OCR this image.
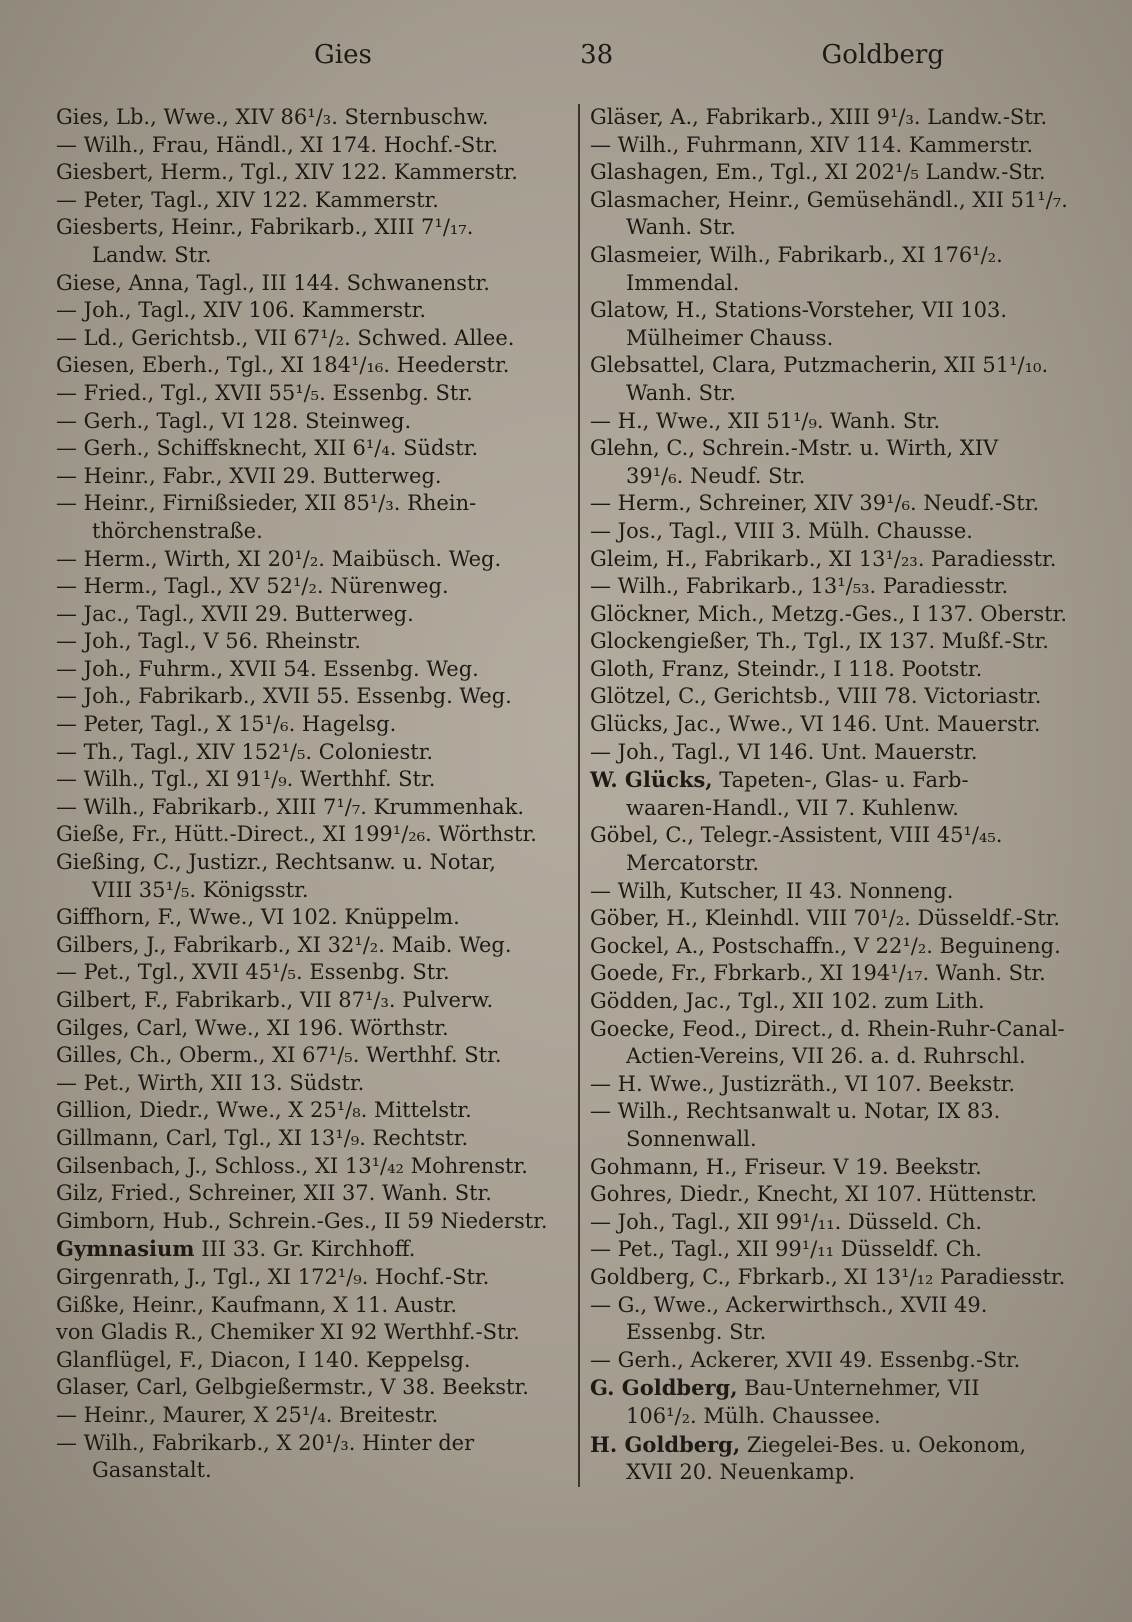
Gies	38	Goldberg
Gies, Lb., Wwe., XIV 86¹/₃. Sternbuschw.
— Wilh., Frau, Händl., XI 174. Hochf.-Str.
Giesbert, Herm., Tgl., XIV 122. Kammerstr.
— Peter, Tagl., XIV 122. Kammerstr.
Giesberts, Heinr., Fabrikarb., XIII 7¹/₁₇.
Landw. Str.
Giese, Anna, Tagl., III 144. Schwanenstr.
— Joh., Tagl., XIV 106. Kammerstr.
— Ld., Gerichtsb., VII 67¹/₂. Schwed. Allee.
Giesen, Eberh., Tgl., XI 184¹/₁₆. Heederstr.
— Fried., Tgl., XVII 55¹/₅. Essenbg. Str.
— Gerh., Tagl., VI 128. Steinweg.
— Gerh., Schiffsknecht, XII 6¹/₄. Südstr.
— Heinr., Fabr., XVII 29. Butterweg.
— Heinr., Firnißsieder, XII 85¹/₃. Rhein-
thörchenstraße.
— Herm., Wirth, XI 20¹/₂. Maibüsch. Weg.
— Herm., Tagl., XV 52¹/₂. Nürenweg.
— Jac., Tagl., XVII 29. Butterweg.
— Joh., Tagl., V 56. Rheinstr.
— Joh., Fuhrm., XVII 54. Essenbg. Weg.
— Joh., Fabrikarb., XVII 55. Essenbg. Weg.
— Peter, Tagl., X 15¹/₆. Hagelsg.
— Th., Tagl., XIV 152¹/₅. Coloniestr.
— Wilh., Tgl., XI 91¹/₉. Werthhf. Str.
— Wilh., Fabrikarb., XIII 7¹/₇. Krummenhak.
Gieße, Fr., Hütt.-Direct., XI 199¹/₂₆. Wörthstr.
Gießing, C., Justizr., Rechtsanw. u. Notar,
VIII 35¹/₅. Königsstr.
Giffhorn, F., Wwe., VI 102. Knüppelm.
Gilbers, J., Fabrikarb., XI 32¹/₂. Maib. Weg.
— Pet., Tgl., XVII 45¹/₅. Essenbg. Str.
Gilbert, F., Fabrikarb., VII 87¹/₃. Pulverw.
Gilges, Carl, Wwe., XI 196. Wörthstr.
Gilles, Ch., Oberm., XI 67¹/₅. Werthhf. Str.
— Pet., Wirth, XII 13. Südstr.
Gillion, Diedr., Wwe., X 25¹/₈. Mittelstr.
Gillmann, Carl, Tgl., XI 13¹/₉. Rechtstr.
Gilsenbach, J., Schloss., XI 13¹/₄₂ Mohrenstr.
Gilz, Fried., Schreiner, XII 37. Wanh. Str.
Gimborn, Hub., Schrein.-Ges., II 59 Niederstr.
Gymnasium III 33. Gr. Kirchhoff.
Girgenrath, J., Tgl., XI 172¹/₉. Hochf.-Str.
Gißke, Heinr., Kaufmann, X 11. Austr.
von Gladis R., Chemiker XI 92 Werthhf.-Str.
Glanflügel, F., Diacon, I 140. Keppelsg.
Glaser, Carl, Gelbgießermstr., V 38. Beekstr.
— Heinr., Maurer, X 25¹/₄. Breitestr.
— Wilh., Fabrikarb., X 20¹/₃. Hinter der
Gasanstalt.
Gläser, A., Fabrikarb., XIII 9¹/₃. Landw.-Str.
— Wilh., Fuhrmann, XIV 114. Kammerstr.
Glashagen, Em., Tgl., XI 202¹/₅ Landw.-Str.
Glasmacher, Heinr., Gemüsehändl., XII 51¹/₇.
Wanh. Str.
Glasmeier, Wilh., Fabrikarb., XI 176¹/₂.
Immendal.
Glatow, H., Stations-Vorsteher, VII 103.
Mülheimer Chauss.
Glebsattel, Clara, Putzmacherin, XII 51¹/₁₀.
Wanh. Str.
— H., Wwe., XII 51¹/₉. Wanh. Str.
Glehn, C., Schrein.-Mstr. u. Wirth, XIV
39¹/₆. Neudf. Str.
— Herm., Schreiner, XIV 39¹/₆. Neudf.-Str.
— Jos., Tagl., VIII 3. Mülh. Chausse.
Gleim, H., Fabrikarb., XI 13¹/₂₃. Paradiesstr.
— Wilh., Fabrikarb., 13¹/₅₃. Paradiesstr.
Glöckner, Mich., Metzg.-Ges., I 137. Oberstr.
Glockengießer, Th., Tgl., IX 137. Mußf.-Str.
Gloth, Franz, Steindr., I 118. Pootstr.
Glötzel, C., Gerichtsb., VIII 78. Victoriastr.
Glücks, Jac., Wwe., VI 146. Unt. Mauerstr.
— Joh., Tagl., VI 146. Unt. Mauerstr.
W. Glücks, Tapeten-, Glas- u. Farb-
waaren-Handl., VII 7. Kuhlenw.
Göbel, C., Telegr.-Assistent, VIII 45¹/₄₅.
Mercatorstr.
— Wilh, Kutscher, II 43. Nonneng.
Göber, H., Kleinhdl. VIII 70¹/₂. Düsseldf.-Str.
Gockel, A., Postschaffn., V 22¹/₂. Beguineng.
Goede, Fr., Fbrkarb., XI 194¹/₁₇. Wanh. Str.
Gödden, Jac., Tgl., XII 102. zum Lith.
Goecke, Feod., Direct., d. Rhein-Ruhr-Canal-
Actien-Vereins, VII 26. a. d. Ruhrschl.
— H. Wwe., Justizräth., VI 107. Beekstr.
— Wilh., Rechtsanwalt u. Notar, IX 83.
Sonnenwall.
Gohmann, H., Friseur. V 19. Beekstr.
Gohres, Diedr., Knecht, XI 107. Hüttenstr.
— Joh., Tagl., XII 99¹/₁₁. Düsseld. Ch.
— Pet., Tagl., XII 99¹/₁₁ Düsseldf. Ch.
Goldberg, C., Fbrkarb., XI 13¹/₁₂ Paradiesstr.
— G., Wwe., Ackerwirthsch., XVII 49.
Essenbg. Str.
— Gerh., Ackerer, XVII 49. Essenbg.-Str.
G. Goldberg, Bau-Unternehmer, VII
106¹/₂. Mülh. Chaussee.
H. Goldberg, Ziegelei-Bes. u. Oekonom,
XVII 20. Neuenkamp.
